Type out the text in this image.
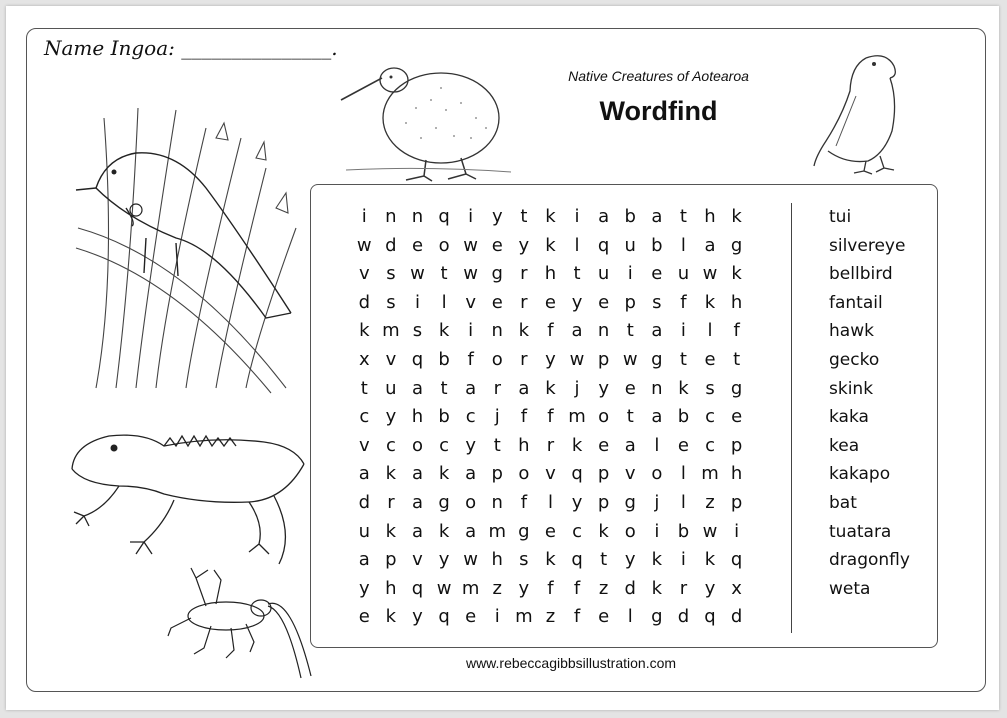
Name Ingoa: _______________.
Native Creatures of Aotearoa
Wordfind
i	n n q	i	y t k	i	a b a t h k
w d e o w e y k	l	q u b	l	a g
v s w t w g r h t u	i	e u w k
d s	i	l	v e r e y e p s	f	k h
k m s k	i	n k	f a n t a	i	l	f
x v q b f o r y w p w g t e t
t u a t a r a k	j	y e n k s g
c y h b c	j	f	f m o t a b c e
v c o c y t h r k e a	l	e c p
a k a k a p o v q p v o	l m h
d r a g o n f	l	y p g	j	l	z p
u k a k a m g e c k o	i	b w i
a p v y w h s k q t y k	i	k q
y h q w m z y	f	f	z d k r y x
e k y q e	i m z	f e	l	g d q d
tui
silvereye
bellbird
fantail
hawk
gecko
skink
kaka
kea
kakapo
bat
tuatara
dragonfly
weta
www.rebeccagibbsillustration.com
